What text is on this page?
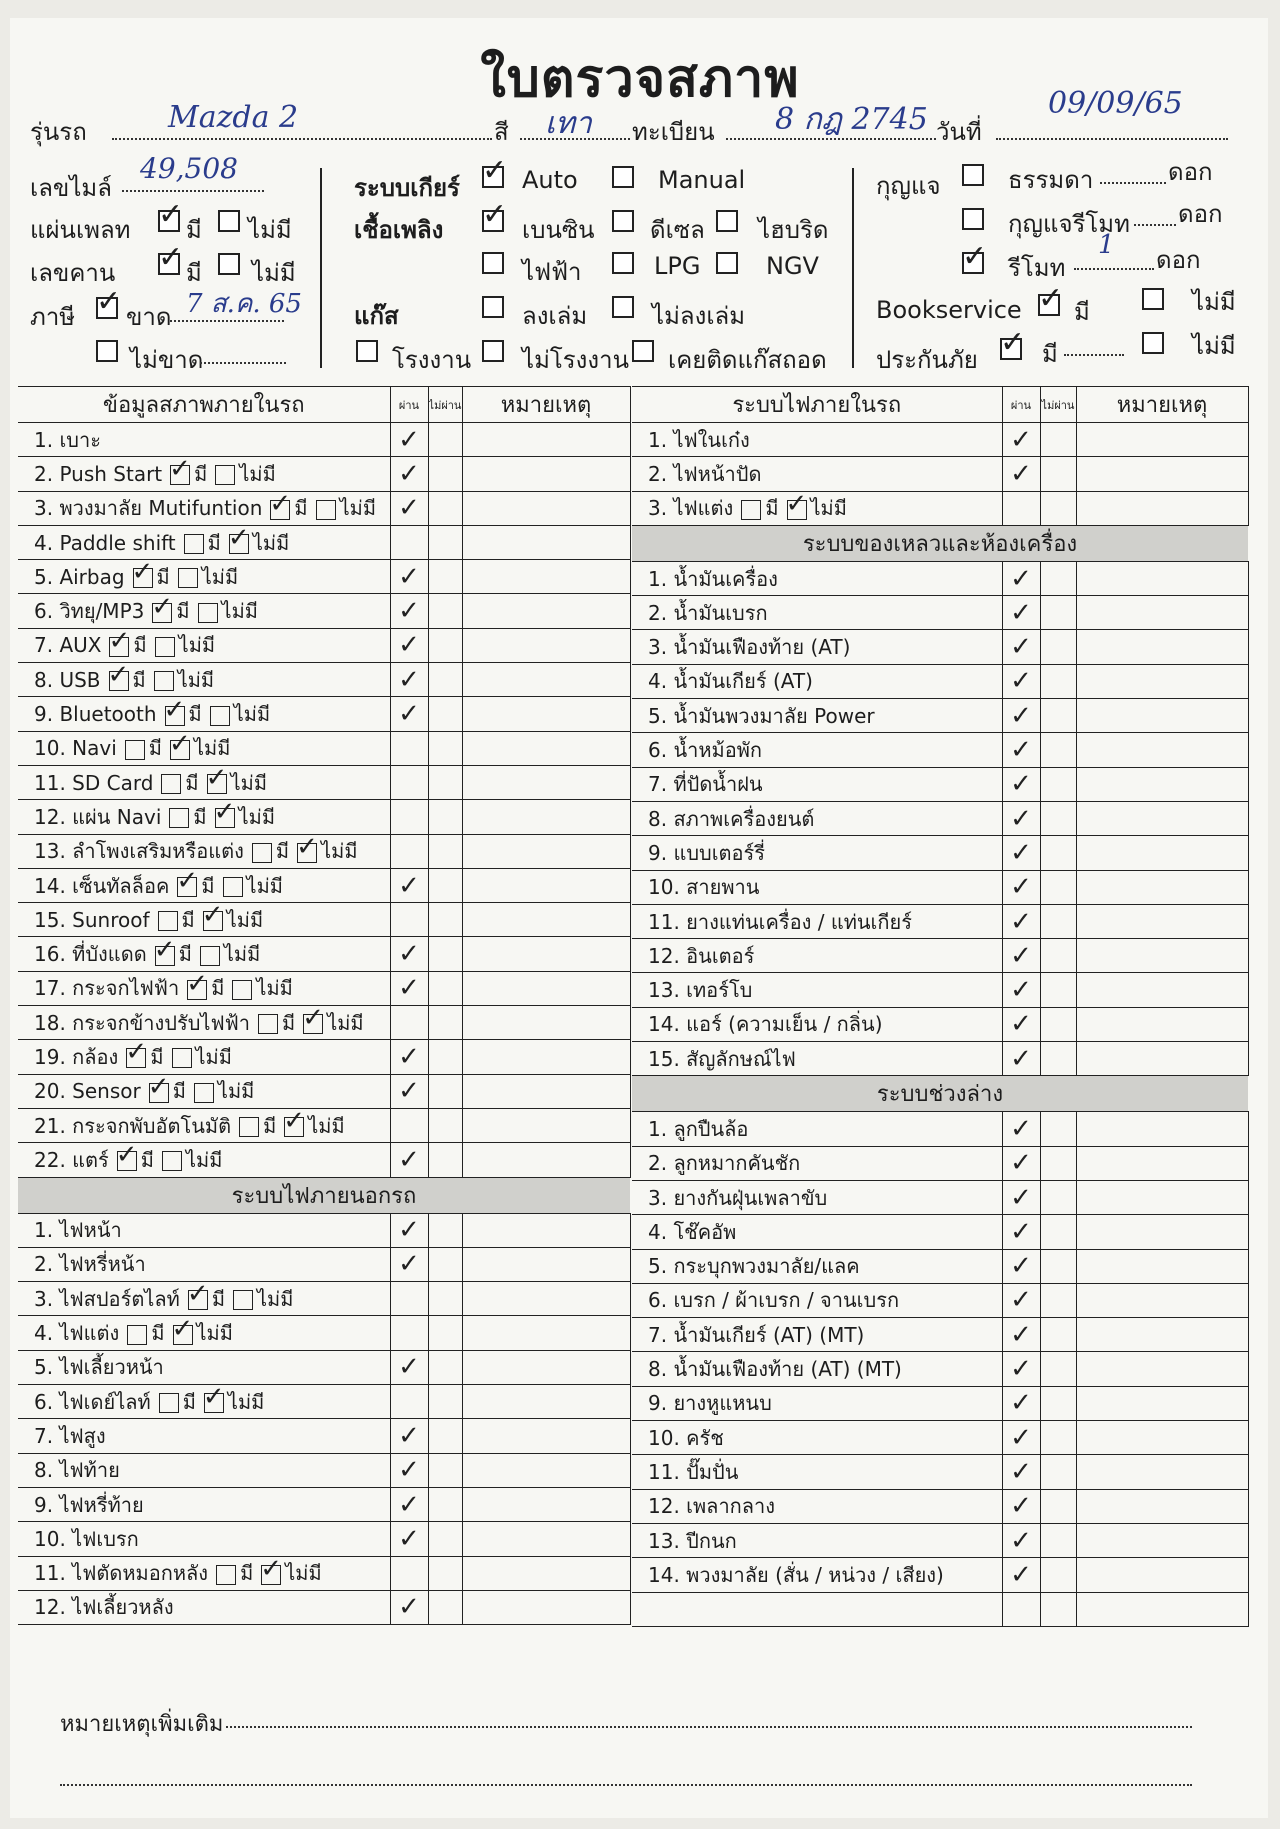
ใบตรวจสภาพ
รุ่นรถ	Mazda 2	สี เทา ทะเบียน 8 กฎ 2745 วันที่
09/09/65
เลขไมล์
49,508
แผ่นเพลท ✓ มี ไม่มี
เลขคาน ✓ มี ไม่มี
ภาษี ✓ ขาด 7 ส.ค. 65
ไม่ขาด
ระบบเกียร์ ✓ Auto	Manual
เชื้อเพลิง ✓ เบนซิน ดีเซล ไฮบริด
ไฟฟ้า	LPG	NGV
แก๊ส	ลงเล่ม	ไม่ลงเล่ม
โรงงาน ไม่โรงงาน เคยติดแก๊สถอด
กุญแจ	ธรรมดา	ดอก
กุญแจรีโมท ดอก
✓ รีโมท
1 ดอก
Bookservice ✓ มี	ไม่มี
ประกันภัย ✓ มี	ไม่มี
ข้อมูลสภาพภายในรถ	ผ่าน	ไม่ผ่าน	หมายเหตุ
1. เบาะ	✓		
2. Push Start ✓ มี ไม่มี	✓		
3. พวงมาลัย Mutifuntion ✓ มี ไม่มี	✓		
4. Paddle shift มี ✓ ไม่มี			
5. Airbag ✓ มี ไม่มี	✓		
6. วิทยุ/MP3 ✓ มี ไม่มี	✓		
7. AUX ✓ มี ไม่มี	✓		
8. USB ✓ มี ไม่มี	✓		
9. Bluetooth ✓ มี ไม่มี	✓		
10. Navi มี ✓ ไม่มี			
11. SD Card มี ✓ ไม่มี			
12. แผ่น Navi มี ✓ ไม่มี			
13. ลำโพงเสริมหรือแต่ง มี ✓ ไม่มี			
14. เซ็นทัลล็อค ✓ มี ไม่มี	✓		
15. Sunroof มี ✓ ไม่มี			
16. ที่บังแดด ✓ มี ไม่มี	✓		
17. กระจกไฟฟ้า ✓ มี ไม่มี	✓		
18. กระจกข้างปรับไฟฟ้า มี ✓ ไม่มี			
19. กล้อง ✓ มี ไม่มี	✓		
20. Sensor ✓ มี ไม่มี	✓		
21. กระจกพับอัตโนมัติ มี ✓ ไม่มี			
22. แตร์ ✓ มี ไม่มี	✓		
ระบบไฟภายนอกรถ			
1. ไฟหน้า	✓		
2. ไฟหรี่หน้า	✓		
3. ไฟสปอร์ตไลท์ ✓ มี ไม่มี			
4. ไฟแต่ง มี ✓ ไม่มี			
5. ไฟเลี้ยวหน้า	✓		
6. ไฟเดย์ไลท์ มี ✓ ไม่มี			
7. ไฟสูง	✓		
8. ไฟท้าย	✓		
9. ไฟหรี่ท้าย	✓		
10. ไฟเบรก	✓		
11. ไฟตัดหมอกหลัง มี ✓ ไม่มี			
12. ไฟเลี้ยวหลัง	✓		
ระบบไฟภายในรถ	ผ่าน	ไม่ผ่าน	หมายเหตุ
1. ไฟในเก๋ง	✓		
2. ไฟหน้าปัด	✓		
3. ไฟแต่ง มี ✓ ไม่มี			
ระบบของเหลวและห้องเครื่อง			
1. น้ำมันเครื่อง	✓		
2. น้ำมันเบรก	✓		
3. น้ำมันเฟืองท้าย (AT)	✓		
4. น้ำมันเกียร์ (AT)	✓		
5. น้ำมันพวงมาลัย Power	✓		
6. น้ำหม้อพัก	✓		
7. ที่ปัดน้ำฝน	✓		
8. สภาพเครื่องยนต์	✓		
9. แบบเตอร์รี่	✓		
10. สายพาน	✓		
11. ยางแท่นเครื่อง / แท่นเกียร์	✓		
12. อินเตอร์	✓		
13. เทอร์โบ	✓		
14. แอร์ (ความเย็น / กลิ่น)	✓		
15. สัญลักษณ์ไฟ	✓		
ระบบช่วงล่าง			
1. ลูกปืนล้อ	✓		
2. ลูกหมากคันชัก	✓		
3. ยางกันฝุ่นเพลาขับ	✓		
4. โช๊คอัพ	✓		
5. กระบุกพวงมาลัย/แลค	✓		
6. เบรก / ผ้าเบรก / จานเบรก	✓		
7. น้ำมันเกียร์ (AT) (MT)	✓		
8. น้ำมันเฟืองท้าย (AT) (MT)	✓		
9. ยางหูแหนบ	✓		
10. ครัช	✓		
11. ปั๊มปั่น	✓		
12. เพลากลาง	✓		
13. ปีกนก	✓		
14. พวงมาลัย (สั่น / หน่วง / เสียง)	✓		

หมายเหตุเพิ่มเติม
